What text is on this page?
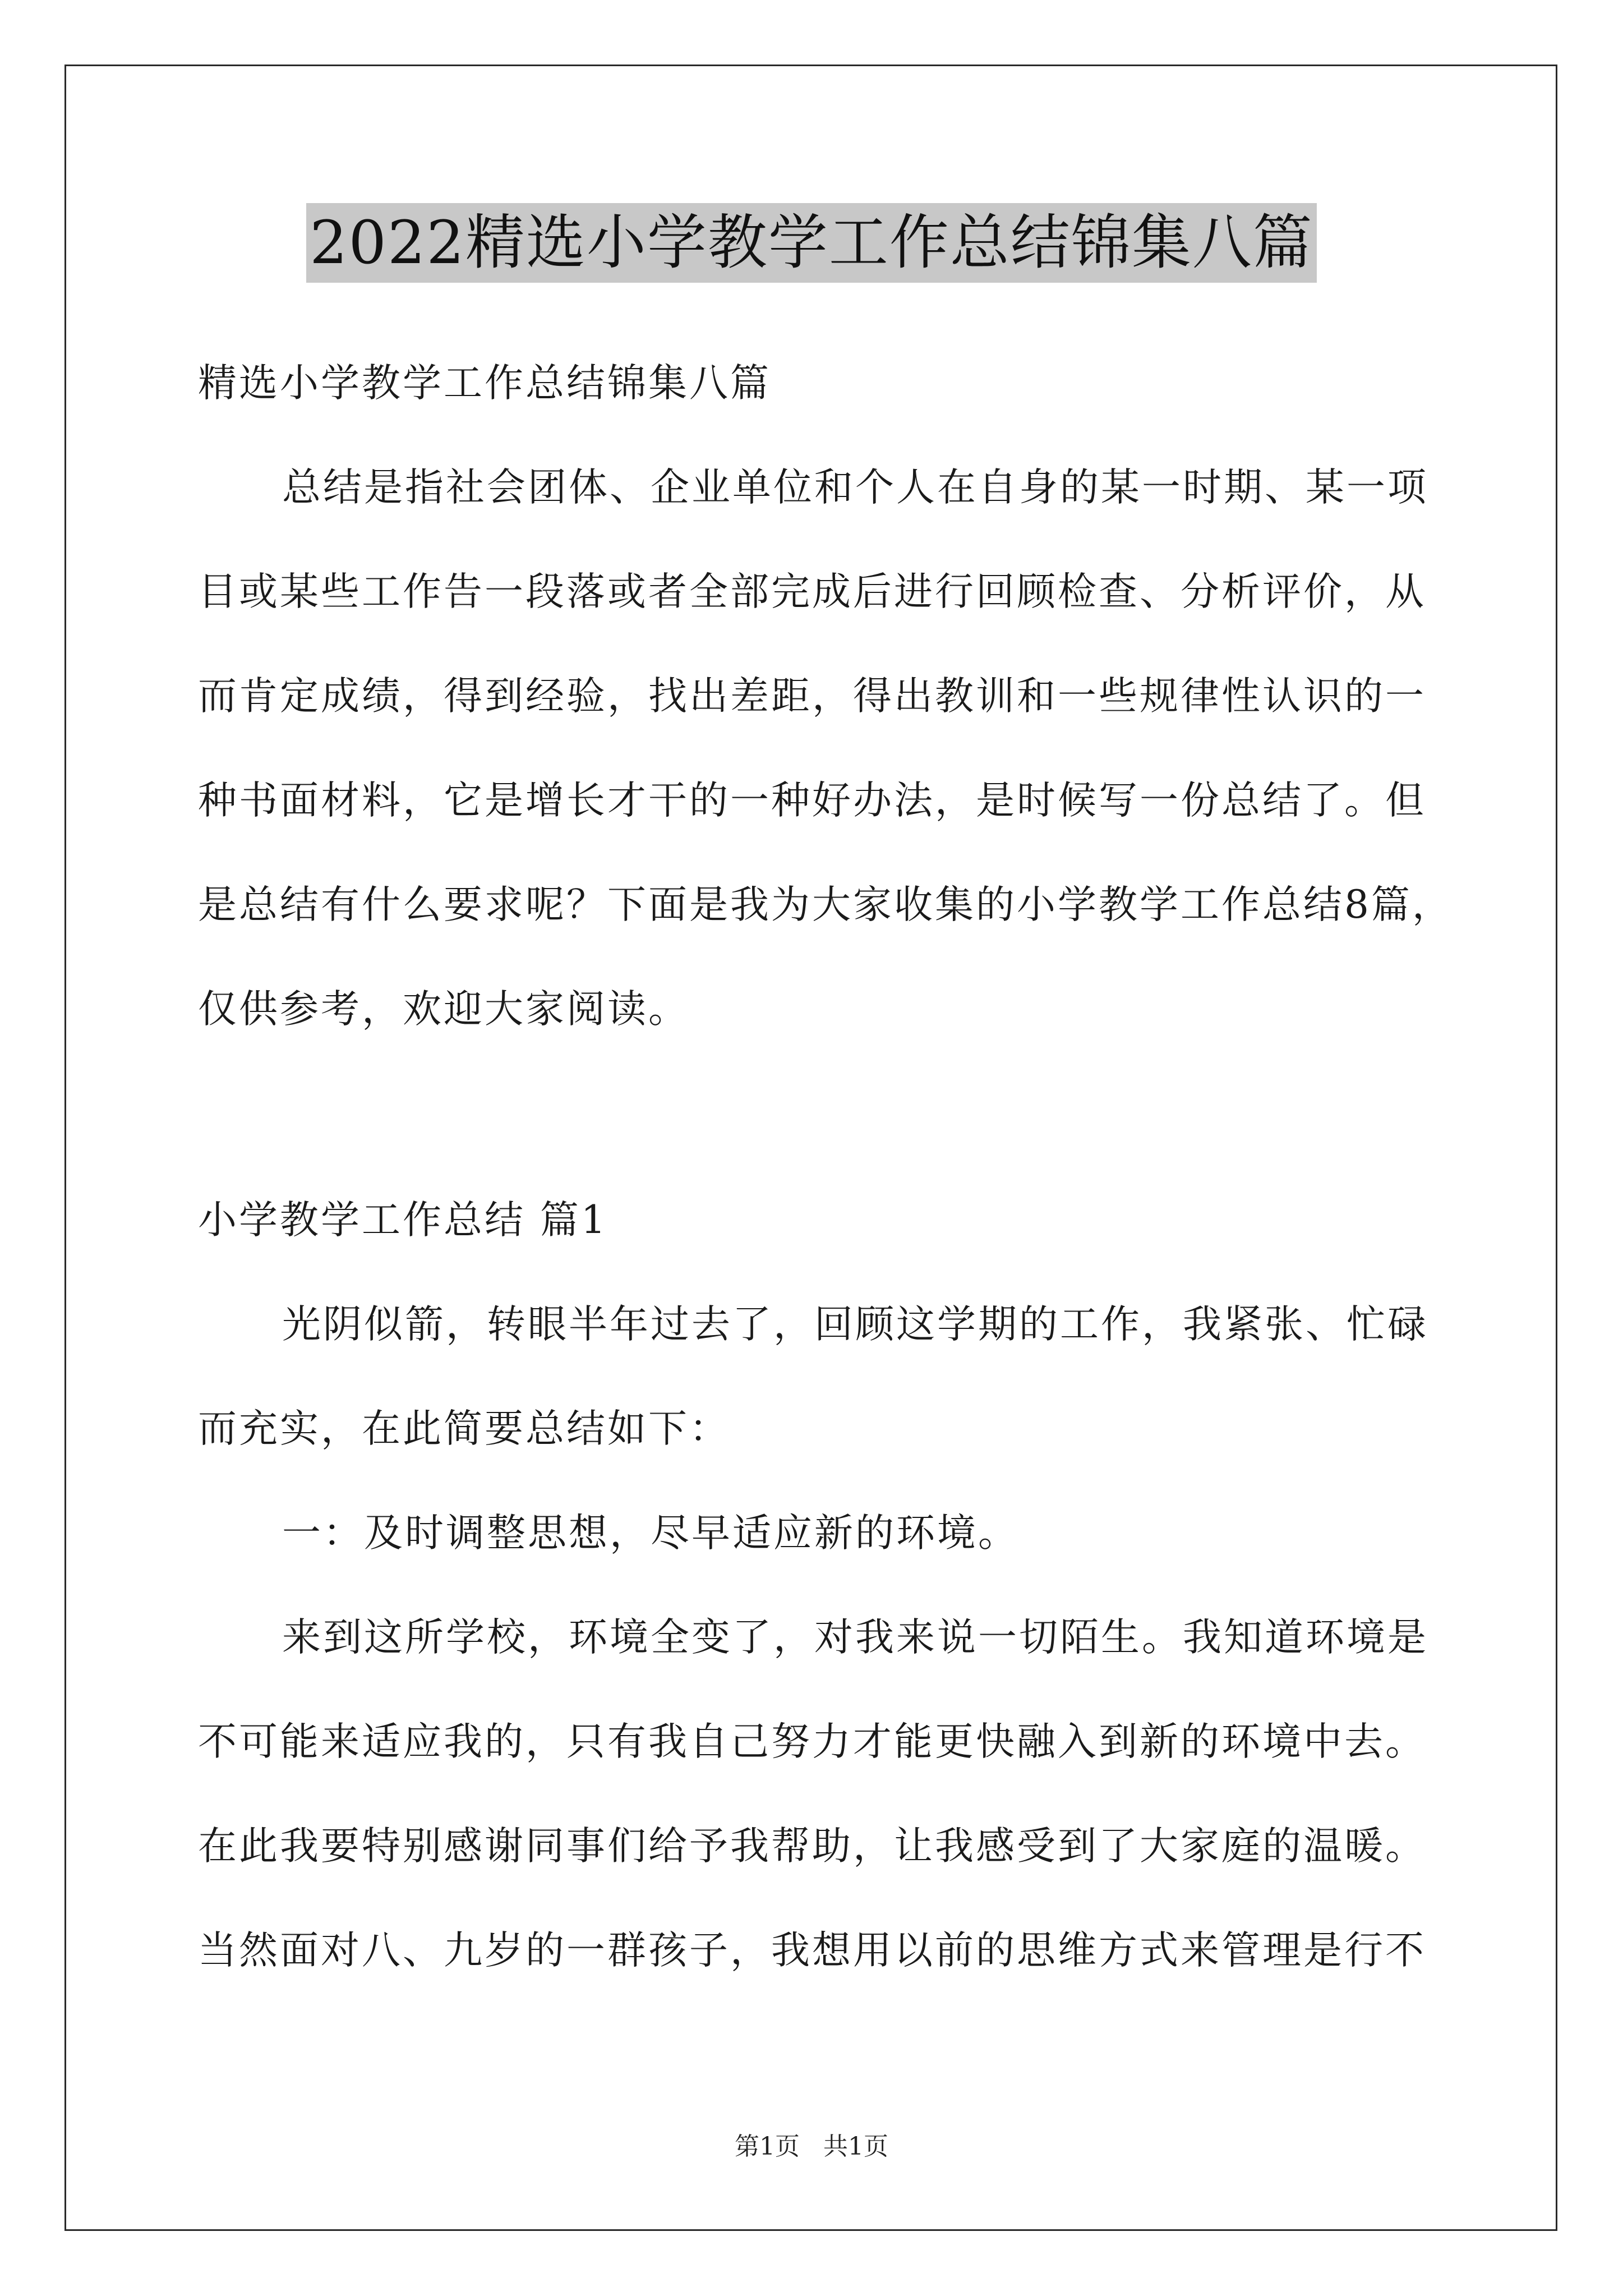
2022精选小学教学工作总结锦集八篇
精选小学教学工作总结锦集八篇
总结是指社会团体、企业单位和个人在自身的某一时期、某一项
目或某些工作告一段落或者全部完成后进行回顾检查、分析评价，从
而肯定成绩，得到经验，找出差距，得出教训和一些规律性认识的一
种书面材料，它是增长才干的一种好办法，是时候写一份总结了。但
是总结有什么要求呢？下面是我为大家收集的小学教学工作总结8篇，
仅供参考，欢迎大家阅读。
小学教学工作总结 篇1
光阴似箭，转眼半年过去了，回顾这学期的工作，我紧张、忙碌
而充实，在此简要总结如下：
一：及时调整思想，尽早适应新的环境。
来到这所学校，环境全变了，对我来说一切陌生。我知道环境是
不可能来适应我的，只有我自己努力才能更快融入到新的环境中去。
在此我要特别感谢同事们给予我帮助，让我感受到了大家庭的温暖。
当然面对八、九岁的一群孩子，我想用以前的思维方式来管理是行不
第1页 共1页
